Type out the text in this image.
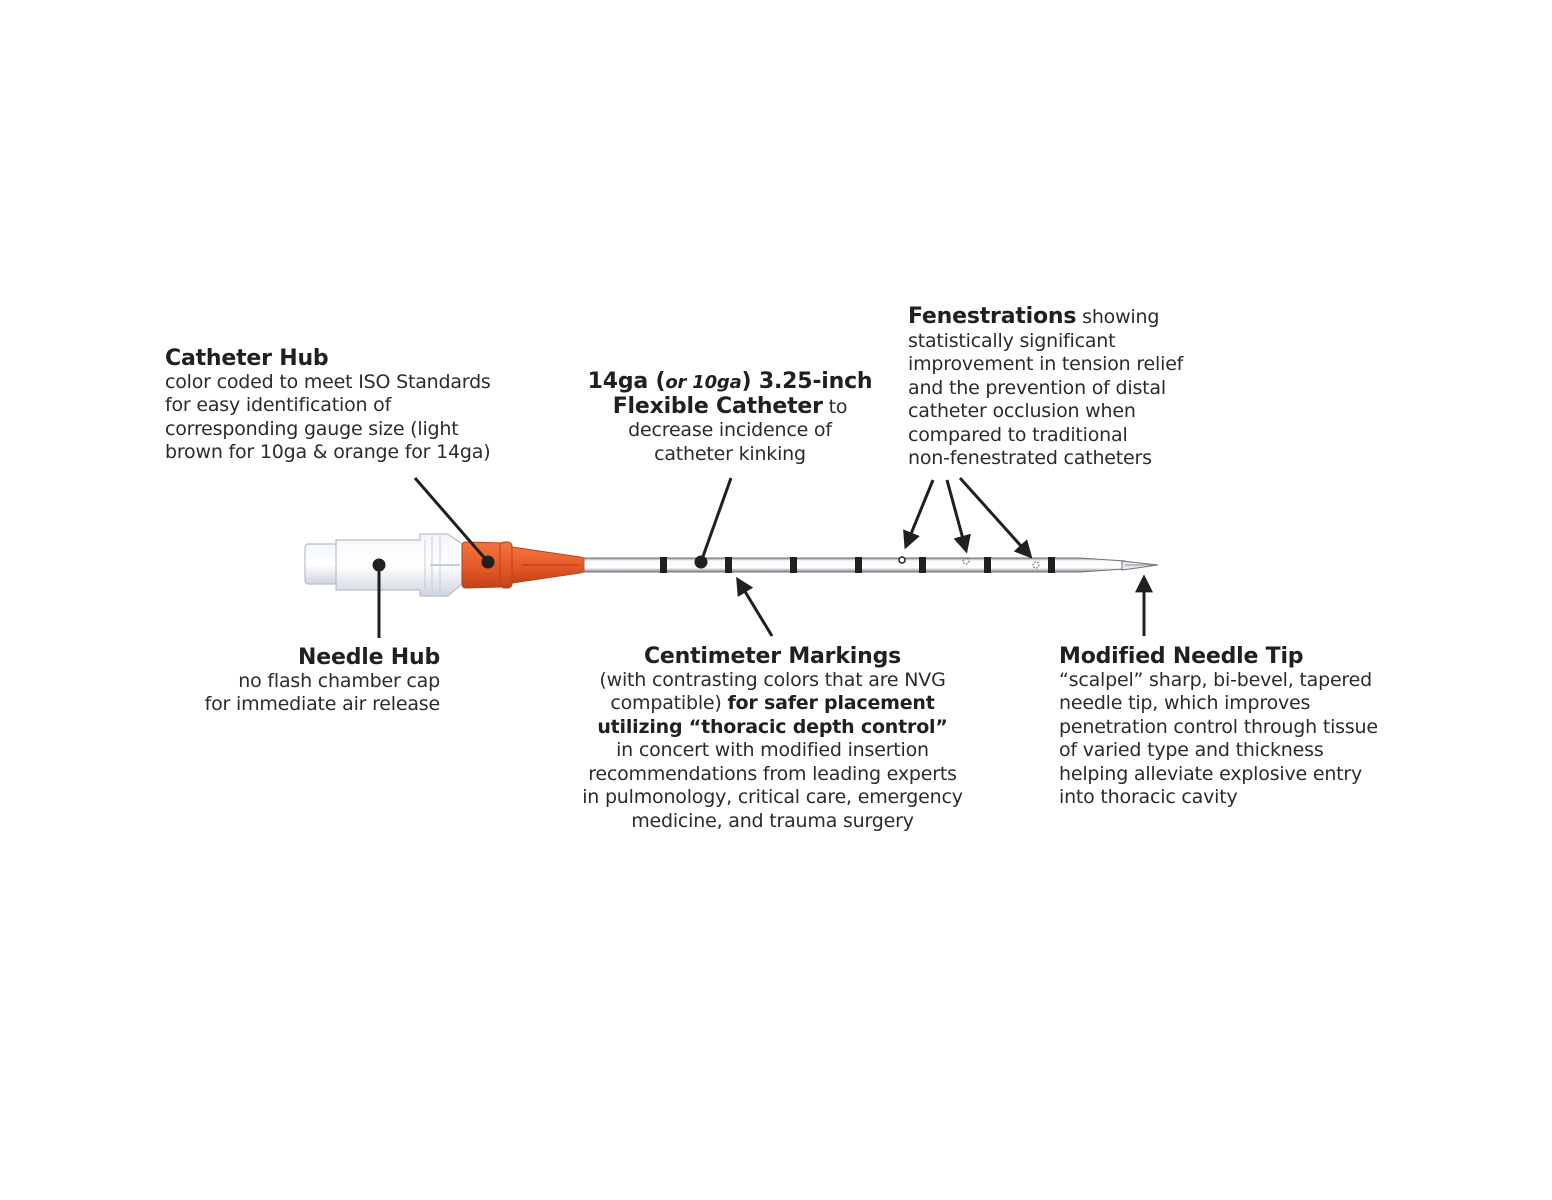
Catheter Hub
color coded to meet ISO Standards
for easy identification of
corresponding gauge size (light
brown for 10ga & orange for 14ga)
14ga (or 10ga) 3.25-inch
Flexible Catheter to
decrease incidence of
catheter kinking
Fenestrations showing
statistically significant
improvement in tension relief
and the prevention of distal
catheter occlusion when
compared to traditional
non-fenestrated catheters
Needle Hub
no flash chamber cap
for immediate air release
Centimeter Markings
(with contrasting colors that are NVG
compatible) for safer placement
utilizing “thoracic depth control”
in concert with modified insertion
recommendations from leading experts
in pulmonology, critical care, emergency
medicine, and trauma surgery
Modified Needle Tip
“scalpel” sharp, bi-bevel, tapered
needle tip, which improves
penetration control through tissue
of varied type and thickness
helping alleviate explosive entry
into thoracic cavity
